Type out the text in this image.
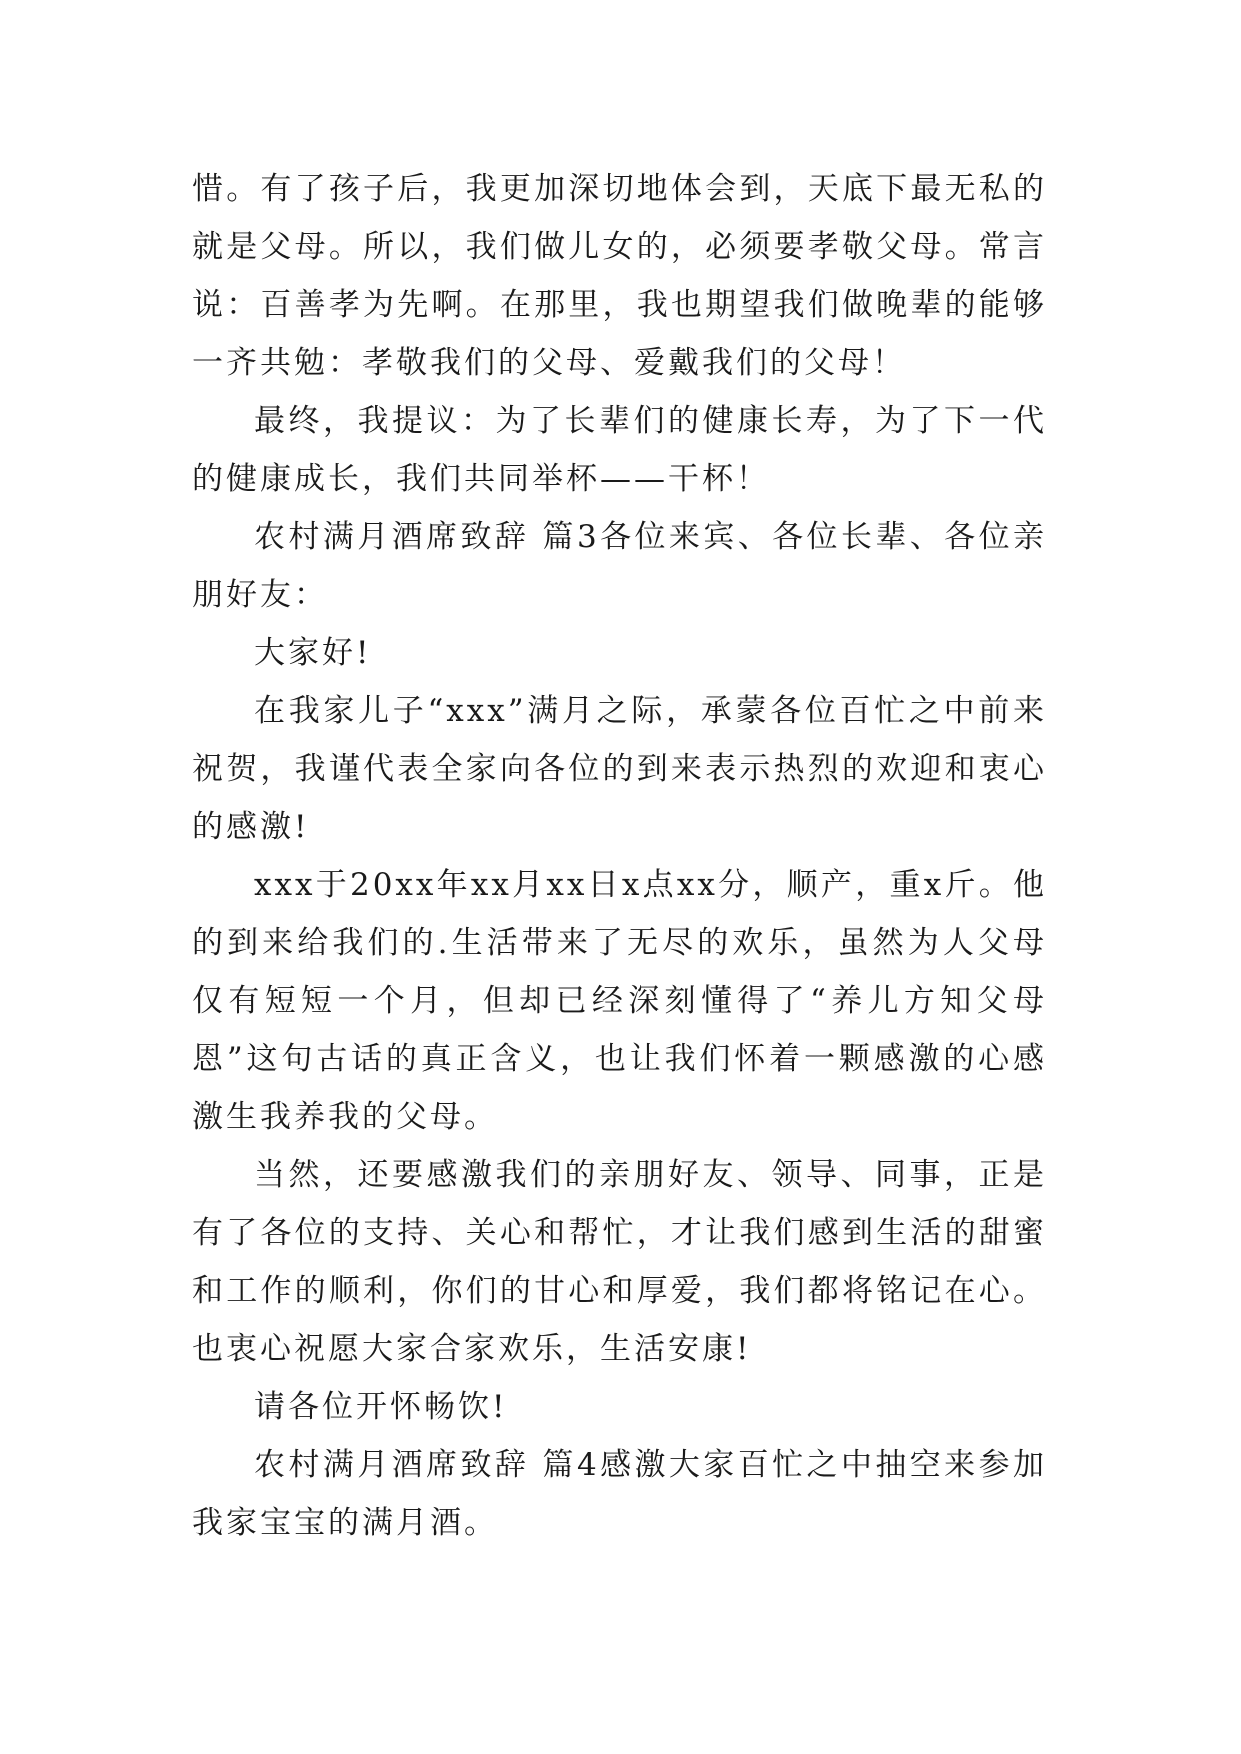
惜。有了孩子后，我更加深切地体会到，天底下最无私的就是父母。所以，我们做儿女的，必须要孝敬父母。常言说：百善孝为先啊。在那里，我也期望我们做晚辈的能够一齐共勉：孝敬我们的父母、爱戴我们的父母！

最终，我提议：为了长辈们的健康长寿，为了下一代的健康成长，我们共同举杯——干杯！

农村满月酒席致辞 篇3各位来宾、各位长辈、各位亲朋好友：

大家好!

在我家儿子“xxx”满月之际，承蒙各位百忙之中前来祝贺，我谨代表全家向各位的到来表示热烈的欢迎和衷心的感激!

xxx于20xx年xx月xx日x点xx分，顺产，重x斤。他的到来给我们的.生活带来了无尽的欢乐，虽然为人父母仅有短短一个月，但却已经深刻懂得了“养儿方知父母恩”这句古话的真正含义，也让我们怀着一颗感激的心感激生我养我的父母。

当然，还要感激我们的亲朋好友、领导、同事，正是有了各位的支持、关心和帮忙，才让我们感到生活的甜蜜和工作的顺利，你们的甘心和厚爱，我们都将铭记在心。也衷心祝愿大家合家欢乐，生活安康!

请各位开怀畅饮!

农村满月酒席致辞 篇4感激大家百忙之中抽空来参加我家宝宝的满月酒。
